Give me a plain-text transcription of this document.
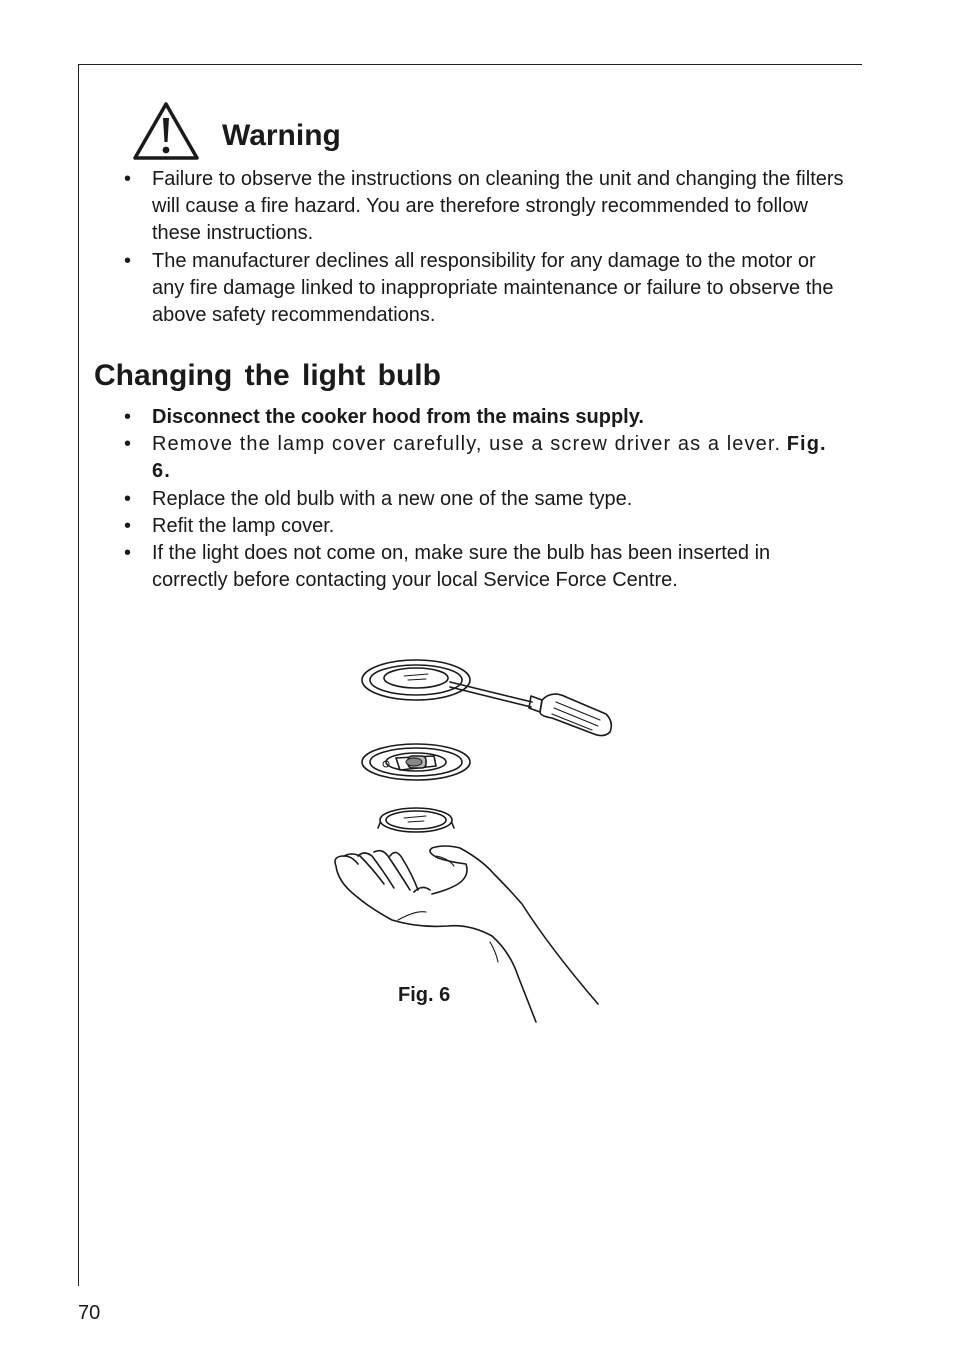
Warning
• Failure to observe the instructions on cleaning the unit and changing the filters will cause a fire hazard. You are therefore strongly recommended to follow these instructions.
• The manufacturer declines all responsibility for any damage to the motor or any fire damage linked to inappropriate maintenance or failure to observe the above safety recommendations.
Changing the light bulb
• Disconnect the cooker hood from the mains supply.
• Remove the lamp cover carefully, use a screw driver as a lever. Fig. 6.
• Replace the old bulb with a new one of the same type.
• Refit the lamp cover.
• If the light does not come on, make sure the bulb has been inserted in correctly before contacting your local Service Force Centre.
Fig. 6
70
